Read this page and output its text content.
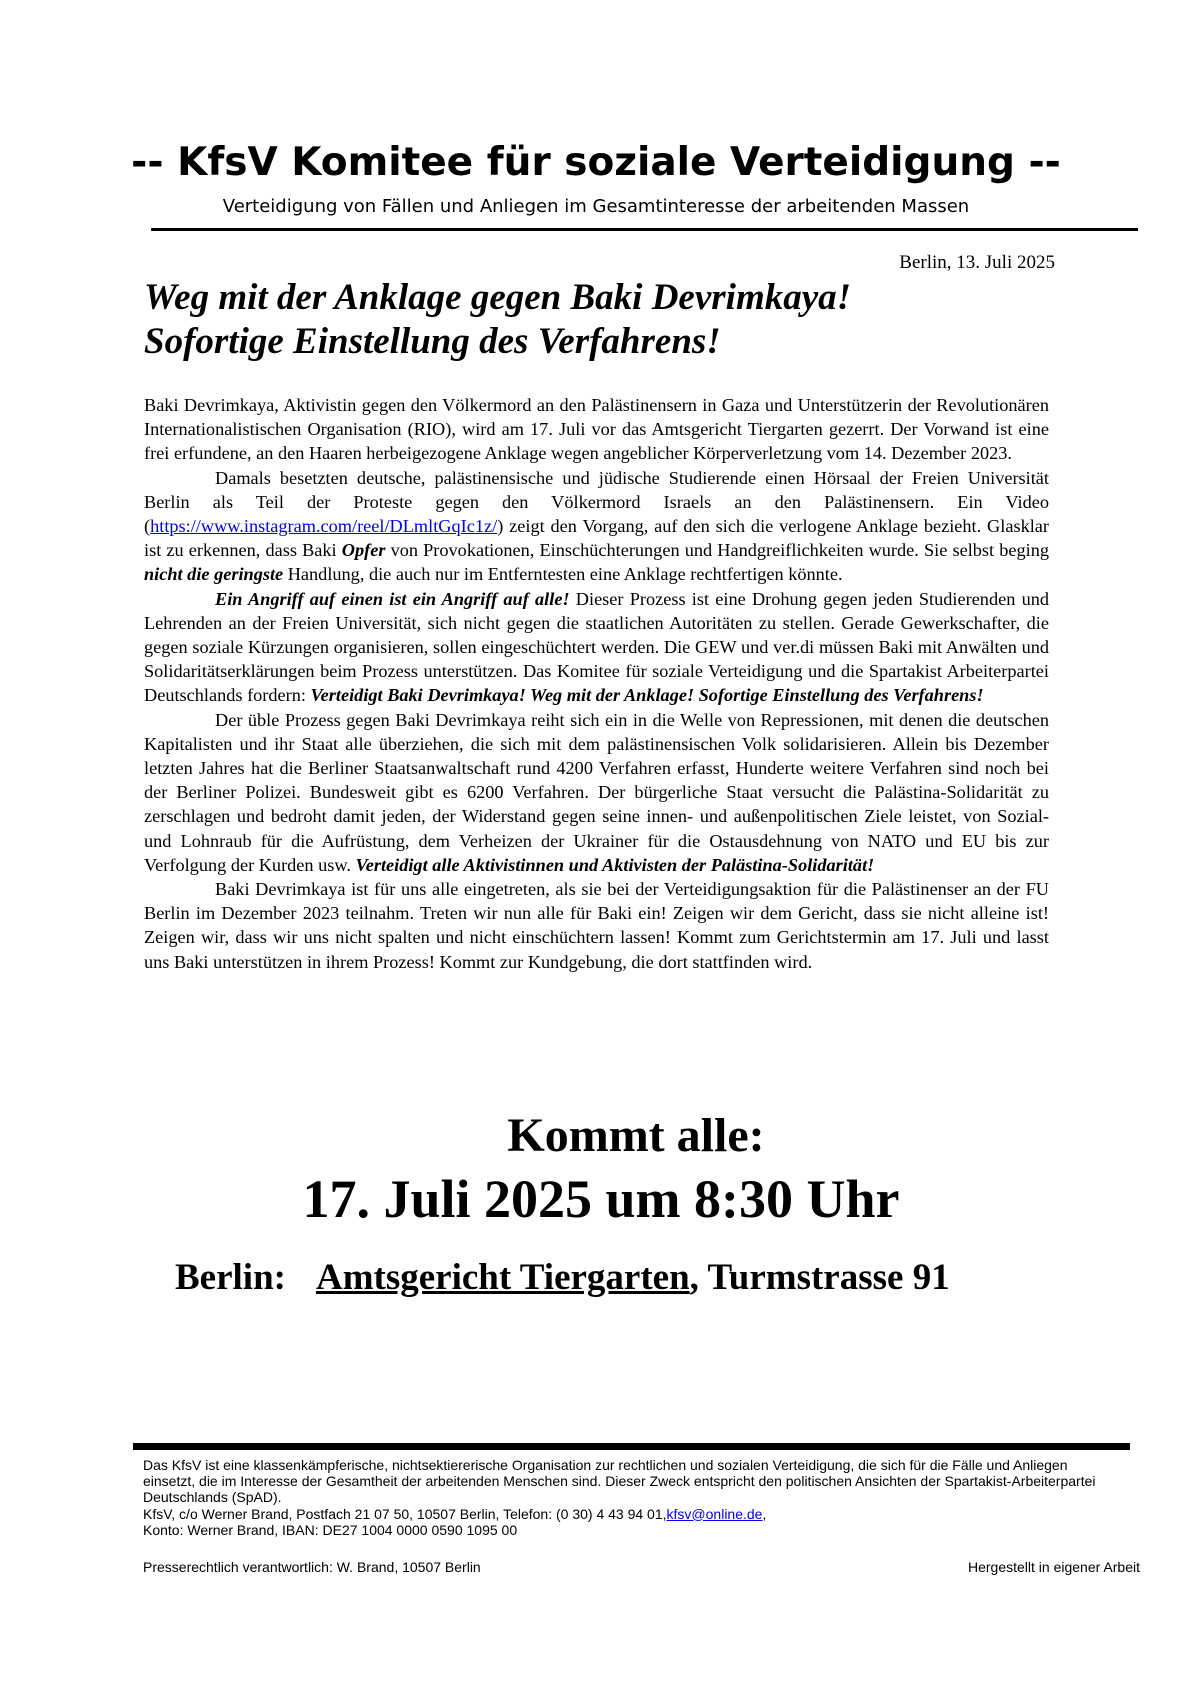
-- KfsV Komitee für soziale Verteidigung --
Verteidigung von Fällen und Anliegen im Gesamtinteresse der arbeitenden Massen
Berlin, 13. Juli 2025
Weg mit der Anklage gegen Baki Devrimkaya!
Sofortige Einstellung des Verfahrens!

Baki Devrimkaya, Aktivistin gegen den Völkermord an den Palästinensern in Gaza und Unterstützerin der Revolutionären Internationalistischen Organisation (RIO), wird am 17. Juli vor das Amtsgericht Tiergarten gezerrt. Der Vorwand ist eine frei erfundene, an den Haaren herbeigezogene Anklage wegen angeblicher Körperverletzung vom 14. Dezember 2023.

Damals besetzten deutsche, palästinensische und jüdische Studierende einen Hörsaal der Freien Universität Berlin als Teil der Proteste gegen den Völkermord Israels an den Palästinensern. Ein Video (https://www.instagram.com/reel/DLmltGqIc1z/) zeigt den Vorgang, auf den sich die verlogene Anklage bezieht. Glasklar ist zu erkennen, dass Baki Opfer von Provokationen, Einschüchterungen und Handgreiflichkeiten wurde. Sie selbst beging nicht die geringste Handlung, die auch nur im Entferntesten eine Anklage rechtfertigen könnte.

Ein Angriff auf einen ist ein Angriff auf alle! Dieser Prozess ist eine Drohung gegen jeden Studierenden und Lehrenden an der Freien Universität, sich nicht gegen die staatlichen Autoritäten zu stellen. Gerade Gewerkschafter, die gegen soziale Kürzungen organisieren, sollen eingeschüchtert werden. Die GEW und ver.di müssen Baki mit Anwälten und Solidaritätserklärungen beim Prozess unterstützen. Das Komitee für soziale Verteidigung und die Spartakist Arbeiterpartei Deutschlands fordern: Verteidigt Baki Devrimkaya! Weg mit der Anklage! Sofortige Einstellung des Verfahrens!

Der üble Prozess gegen Baki Devrimkaya reiht sich ein in die Welle von Repressionen, mit denen die deutschen Kapitalisten und ihr Staat alle überziehen, die sich mit dem palästinensischen Volk solidarisieren. Allein bis Dezember letzten Jahres hat die Berliner Staatsanwaltschaft rund 4200 Verfahren erfasst, Hunderte weitere Verfahren sind noch bei der Berliner Polizei. Bundesweit gibt es 6200 Verfahren. Der bürgerliche Staat versucht die Palästina-Solidarität zu zerschlagen und bedroht damit jeden, der Widerstand gegen seine innen- und außenpolitischen Ziele leistet, von Sozial- und Lohnraub für die Aufrüstung, dem Verheizen der Ukrainer für die Ostausdehnung von NATO und EU bis zur Verfolgung der Kurden usw. Verteidigt alle Aktivistinnen und Aktivisten der Palästina-Solidarität!

Baki Devrimkaya ist für uns alle eingetreten, als sie bei der Verteidigungsaktion für die Palästinenser an der FU Berlin im Dezember 2023 teilnahm. Treten wir nun alle für Baki ein! Zeigen wir dem Gericht, dass sie nicht alleine ist! Zeigen wir, dass wir uns nicht spalten und nicht einschüchtern lassen! Kommt zum Gerichtstermin am 17. Juli und lasst uns Baki unterstützen in ihrem Prozess! Kommt zur Kundgebung, die dort stattfinden wird.

Kommt alle:
17. Juli 2025 um 8:30 Uhr
Berlin: Amtsgericht Tiergarten, Turmstrasse 91

Das KfsV ist eine klassenkämpferische, nichtsektiererische Organisation zur rechtlichen und sozialen Verteidigung, die sich für die Fälle und Anliegen einsetzt, die im Interesse der Gesamtheit der arbeitenden Menschen sind. Dieser Zweck entspricht den politischen Ansichten der Spartakist-Arbeiterpartei Deutschlands (SpAD).

KfsV, c/o Werner Brand, Postfach 21 07 50, 10507 Berlin, Telefon: (0 30) 4 43 94 01,kfsv@online.de,

Konto: Werner Brand, IBAN: DE27 1004 0000 0590 1095 00

Presserechtlich verantwortlich: W. Brand, 10507 Berlin	Hergestellt in eigener Arbeit
